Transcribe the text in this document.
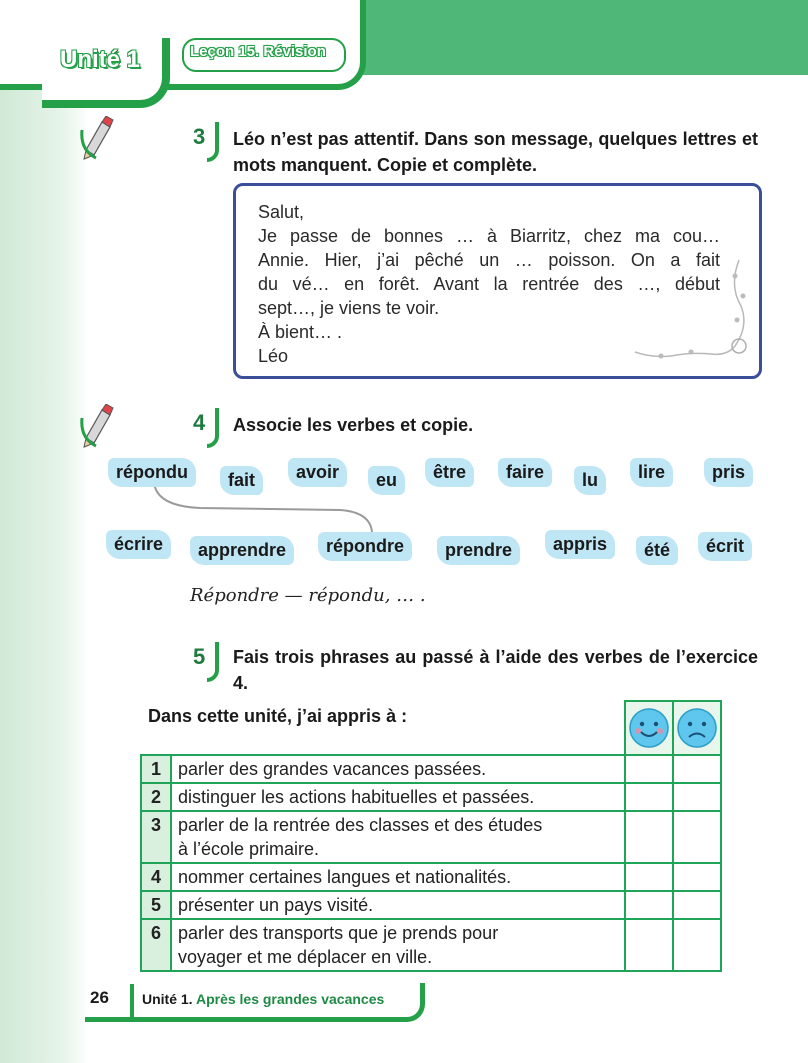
Leçon 15. Révision
Unité 1
3 Léo n’est pas attentif. Dans son message, quelques lettres et mots manquent. Copie et complète.
Salut,
Je passe de bonnes … à Biarritz, chez ma cou…
Annie. Hier, j’ai pêché un … poisson. On a fait
du vé… en forêt. Avant la rentrée des …, début
sept…, je viens te voir.
À bient… .
Léo
4 Associe les verbes et copie.
répondu	fait	avoir	eu	être	faire	lu	lire	pris
écrire	apprendre	répondre	prendre	appris	été	écrit
Répondre — répondu, … .
5 Fais trois phrases au passé à l’aide des verbes de l’exercice 4.

1	parler des grandes vacances passées.		
2	distinguer les actions habituelles et passées.		
3	parler de la rentrée des classes et des études
à l’école primaire.		
4	nommer certaines langues et nationalités.		
5	présenter un pays visité.		
6	parler des transports que je prends pour
voyager et me déplacer en ville.		
Dans cette unité, j’ai appris à :
26 Unité 1. Après les grandes vacances
